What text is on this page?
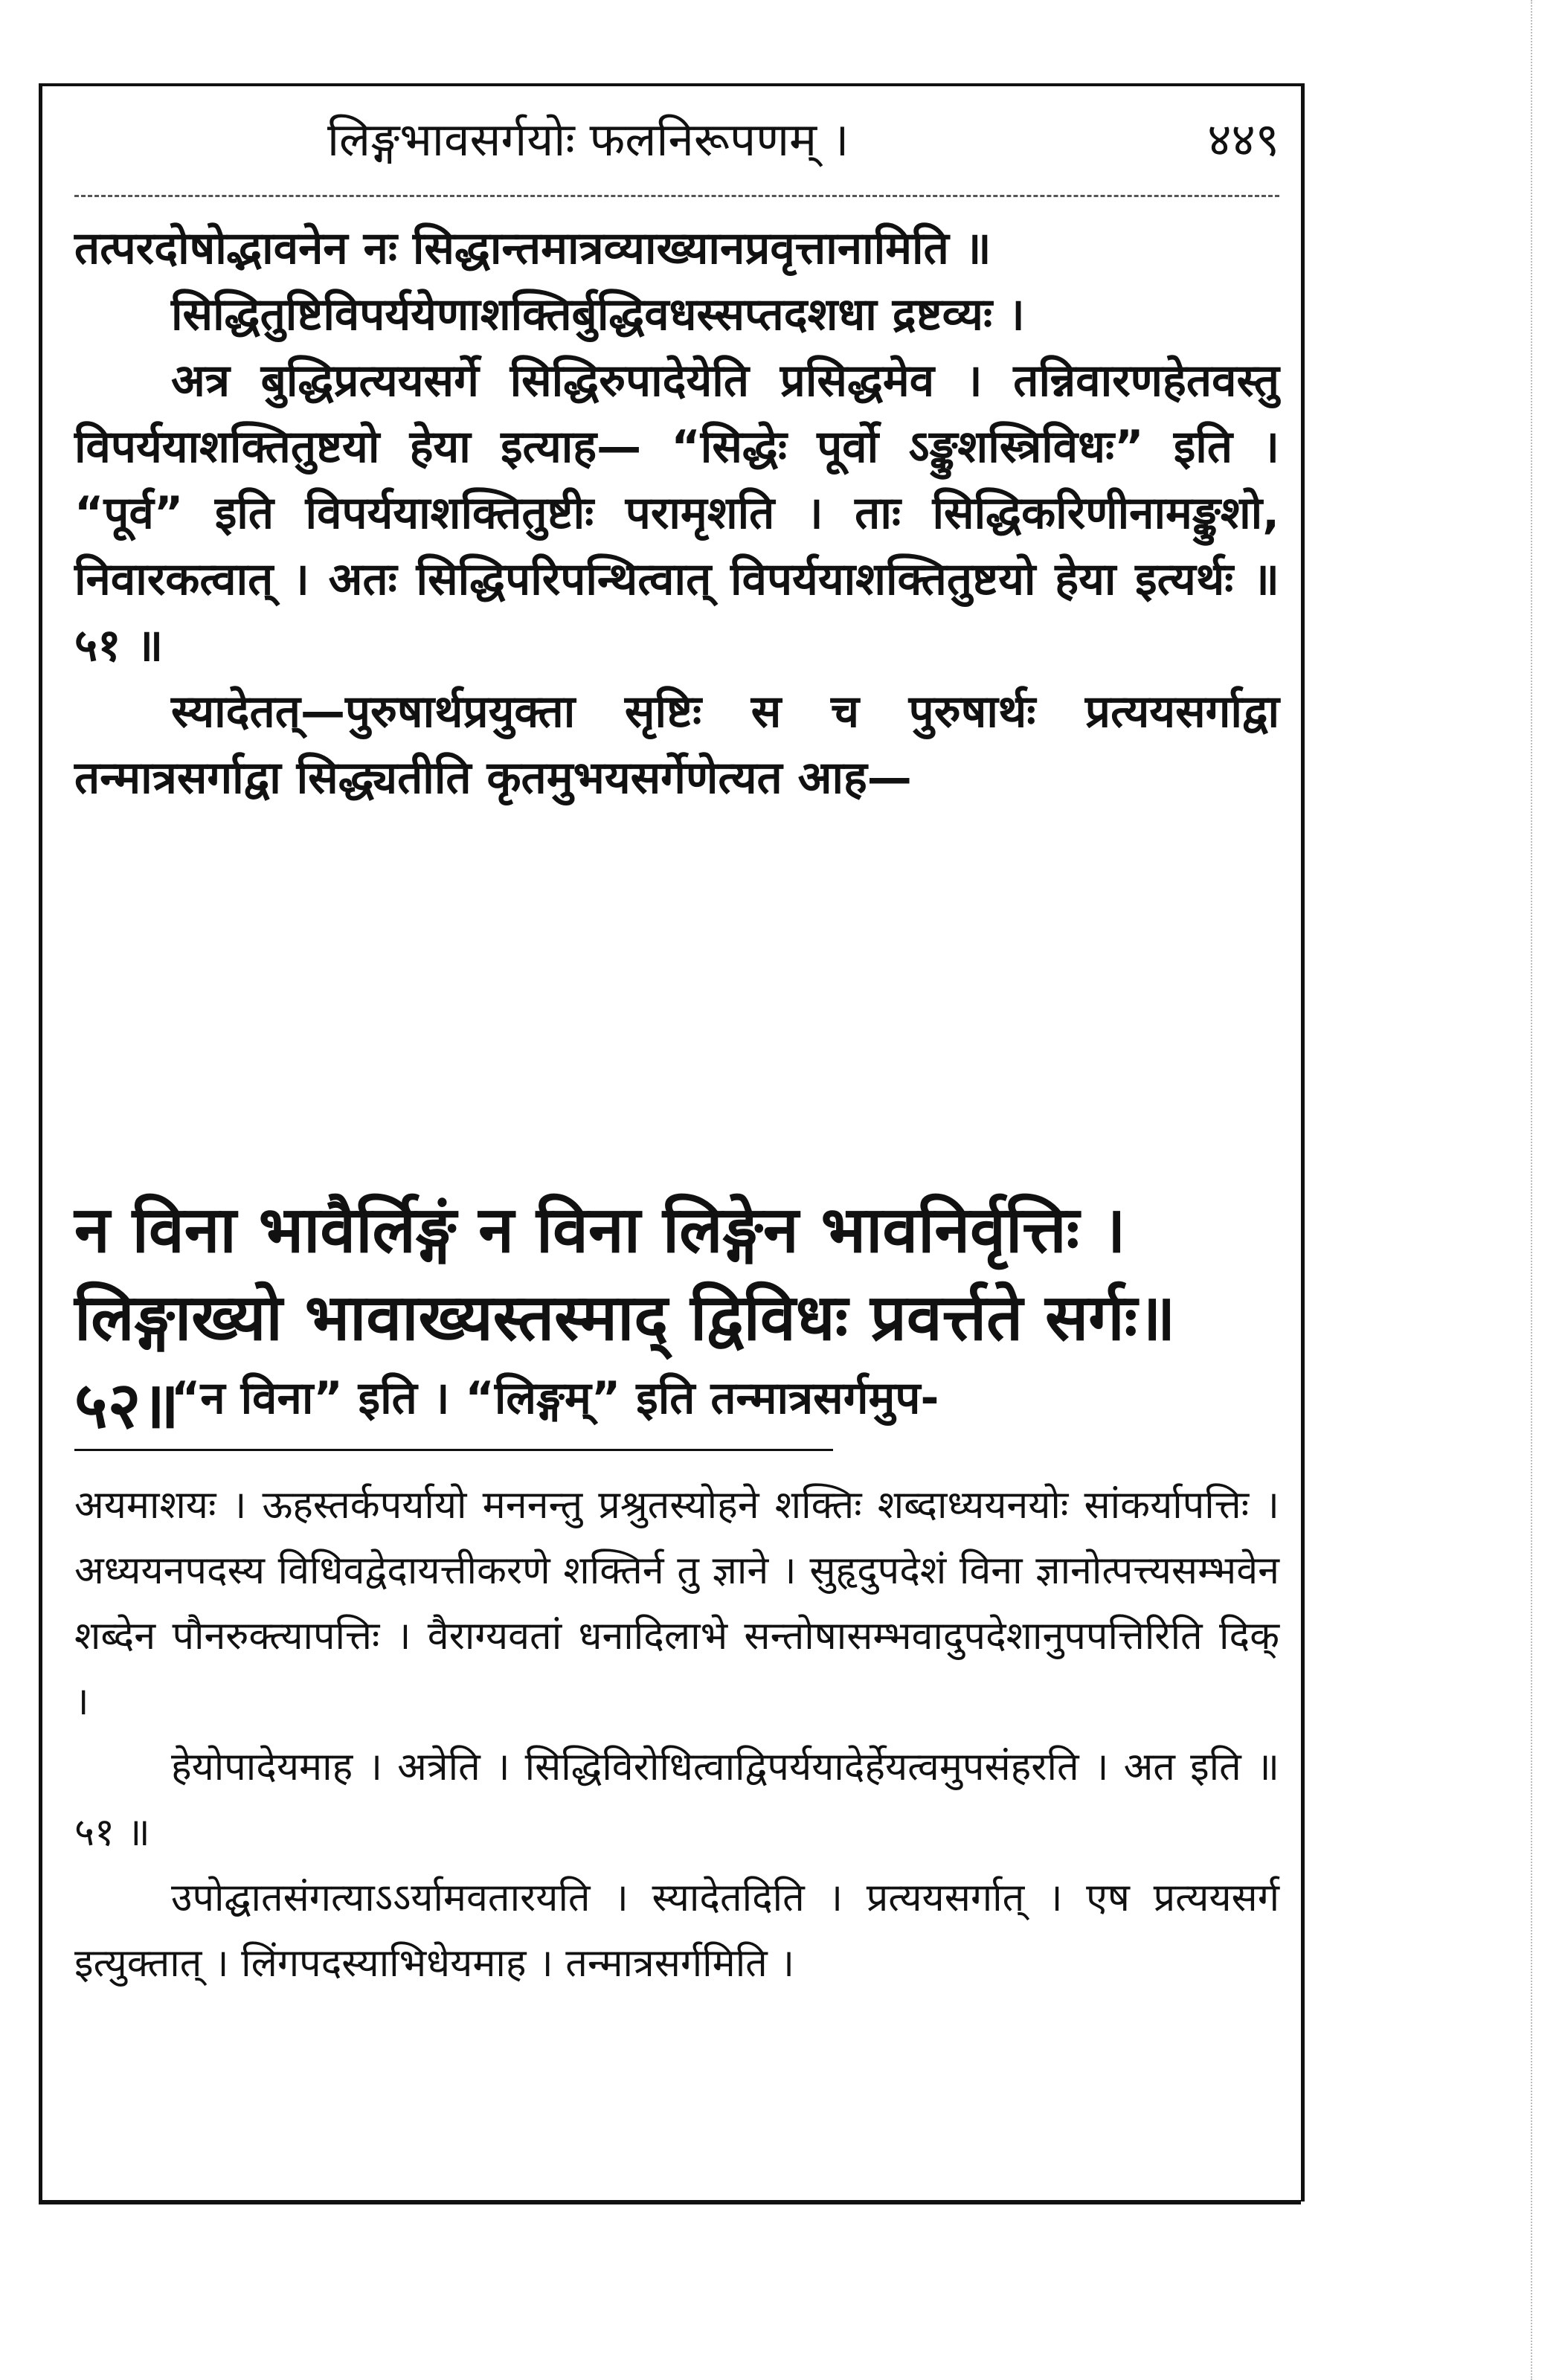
लिङ्गभावसर्गयोः फलनिरूपणम् ।	४४९

तत्परदोषोद्भावनेन नः सिद्धान्तमात्रव्याख्यानप्रवृत्तानामिति ॥

सिद्धितुष्टिविपर्ययेणाशक्तिर्बुद्धिवधस्सप्तदशधा द्रष्टव्यः ।

अत्र बुद्धिप्रत्ययसर्गे सिद्धिरुपादेयेति प्रसिद्धमेव । तन्निवारणहेतवस्तु विपर्ययाशक्तितुष्टयो हेया इत्याह— “सिद्धेः पूर्वो ऽङ्कुशस्त्रिविधः” इति । “पूर्व” इति विपर्ययाशक्तितुष्टीः परामृशति । ताः सिद्धिकरिणीनामङ्कुशो, निवारकत्वात् । अतः सिद्धिपरिपन्थित्वात् विपर्ययाशक्तितुष्टयो हेया इत्यर्थः ॥ ५१ ॥

स्यादेतत्—पुरुषार्थप्रयुक्ता सृष्टिः स च पुरुषार्थः प्रत्ययसर्गाद्वा तन्मात्रसर्गाद्वा सिद्ध्यतीति कृतमुभयसर्गेणेत्यत आह—

न विना भावैर्लिङ्गं न विना लिङ्गेन भावनिर्वृत्तिः ।

लिङ्गाख्यो भावाख्यस्तस्माद् द्विविधः प्रवर्त्तते सर्गः॥५२॥

“न विना” इति । “लिङ्गम्” इति तन्मात्रसर्गमुप-

अयमाशयः । ऊहस्तर्कपर्यायो मननन्तु प्रश्रुतस्योहने शक्तिः शब्दाध्ययनयोः सांकर्यापत्तिः । अध्ययनपदस्य विधिवद्वेदायत्तीकरणे शक्तिर्न तु ज्ञाने । सुहृदुपदेशं विना ज्ञानोत्पत्त्यसम्भवेन शब्देन पौनरुक्त्यापत्तिः । वैराग्यवतां धनादिलाभे सन्तोषासम्भवादुपदेशानुपपत्तिरिति दिक् ।

हेयोपादेयमाह । अत्रेति । सिद्धिविरोधित्वाद्विपर्ययादेर्हेयत्वमुपसंहरति । अत इति ॥ ५१ ॥

उपोद्घातसंगत्याऽऽर्यामवतारयति । स्यादेतदिति । प्रत्ययसर्गात् । एष प्रत्ययसर्ग इत्युक्तात् । लिंगपदस्याभिधेयमाह । तन्मात्रसर्गमिति ।
